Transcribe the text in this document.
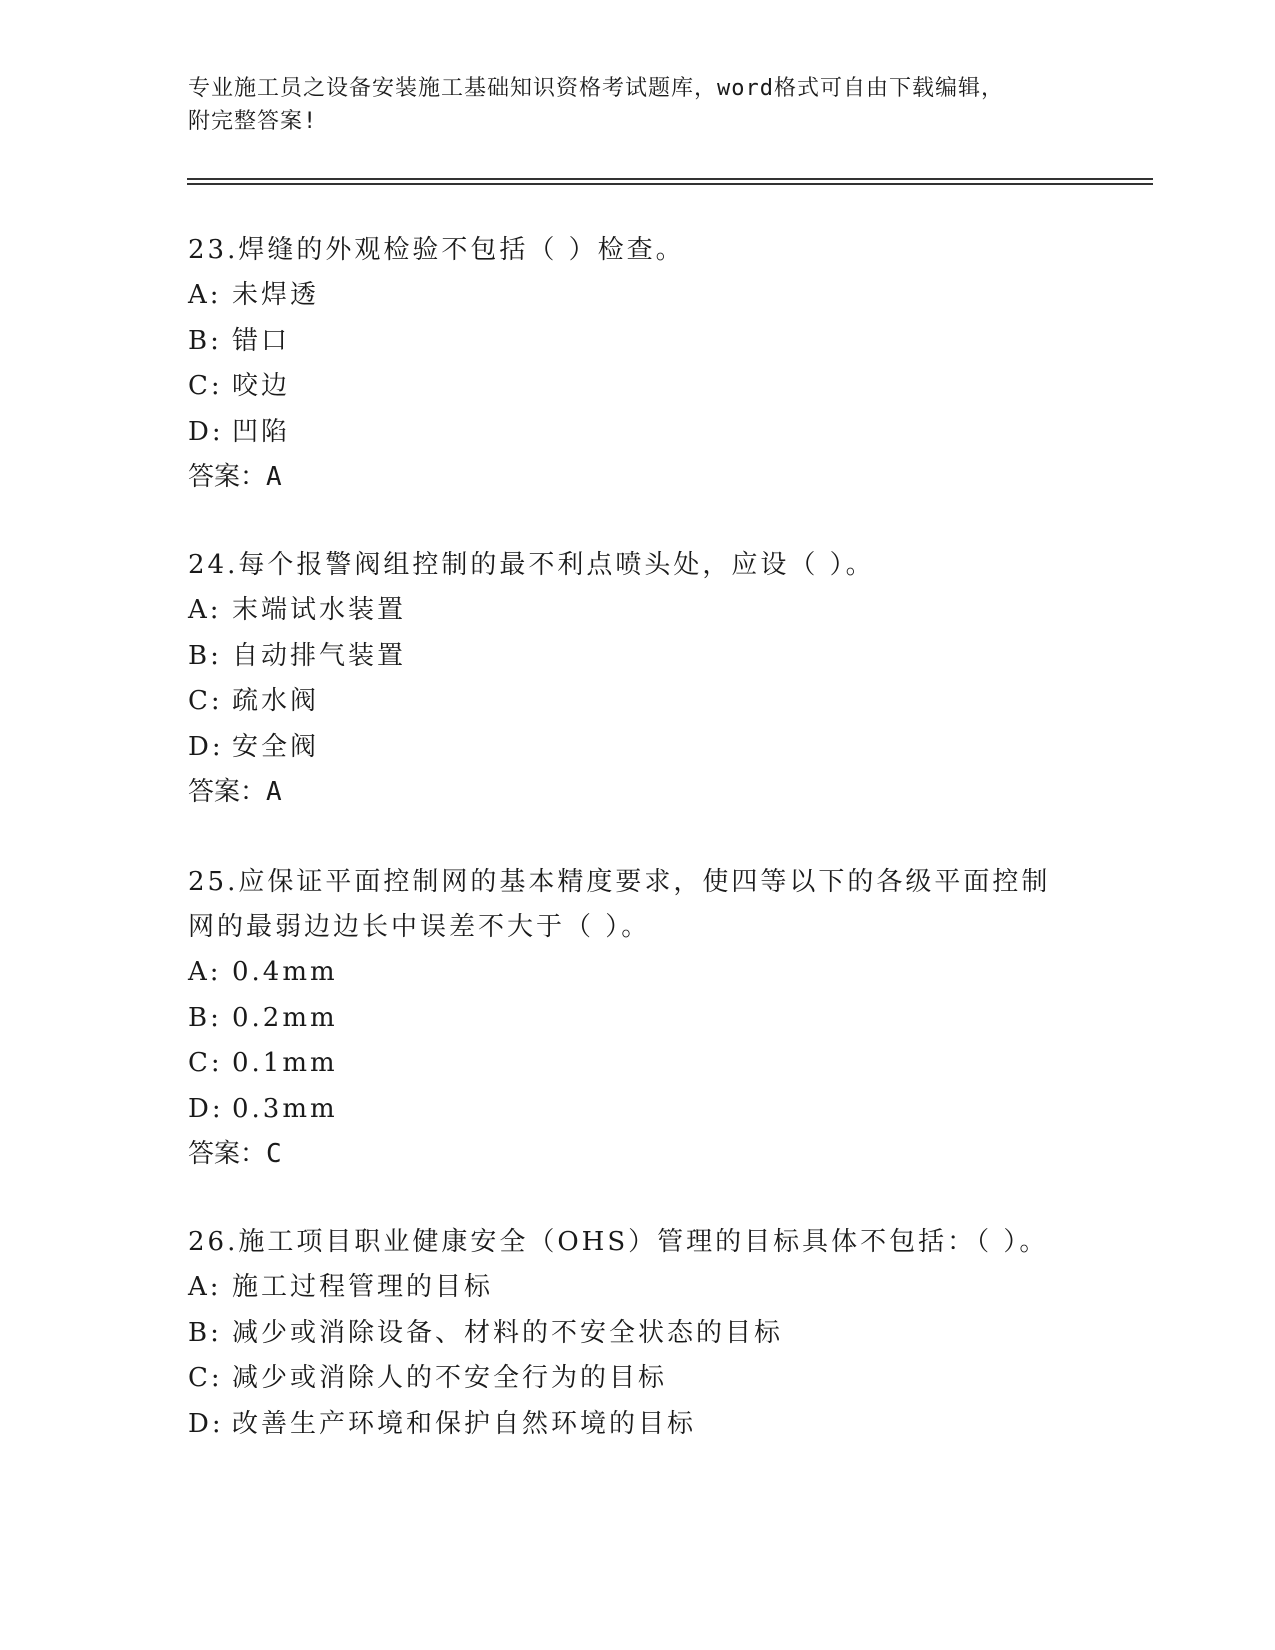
专业施工员之设备安装施工基础知识资格考试题库，word格式可自由下载编辑，
附完整答案!
23.焊缝的外观检验不包括（ ）检查。
A: 未焊透
B: 错口
C: 咬边
D: 凹陷
答案：A
24.每个报警阀组控制的最不利点喷头处，应设（ ）。
A: 末端试水装置
B: 自动排气装置
C: 疏水阀
D: 安全阀
答案：A
25.应保证平面控制网的基本精度要求，使四等以下的各级平面控制网的最弱边边长中误差不大于（ ）。
A: 0.4mm
B: 0.2mm
C: 0.1mm
D: 0.3mm
答案：C
26.施工项目职业健康安全（OHS）管理的目标具体不包括：（ ）。
A: 施工过程管理的目标
B: 减少或消除设备、材料的不安全状态的目标
C: 减少或消除人的不安全行为的目标
D: 改善生产环境和保护自然环境的目标
